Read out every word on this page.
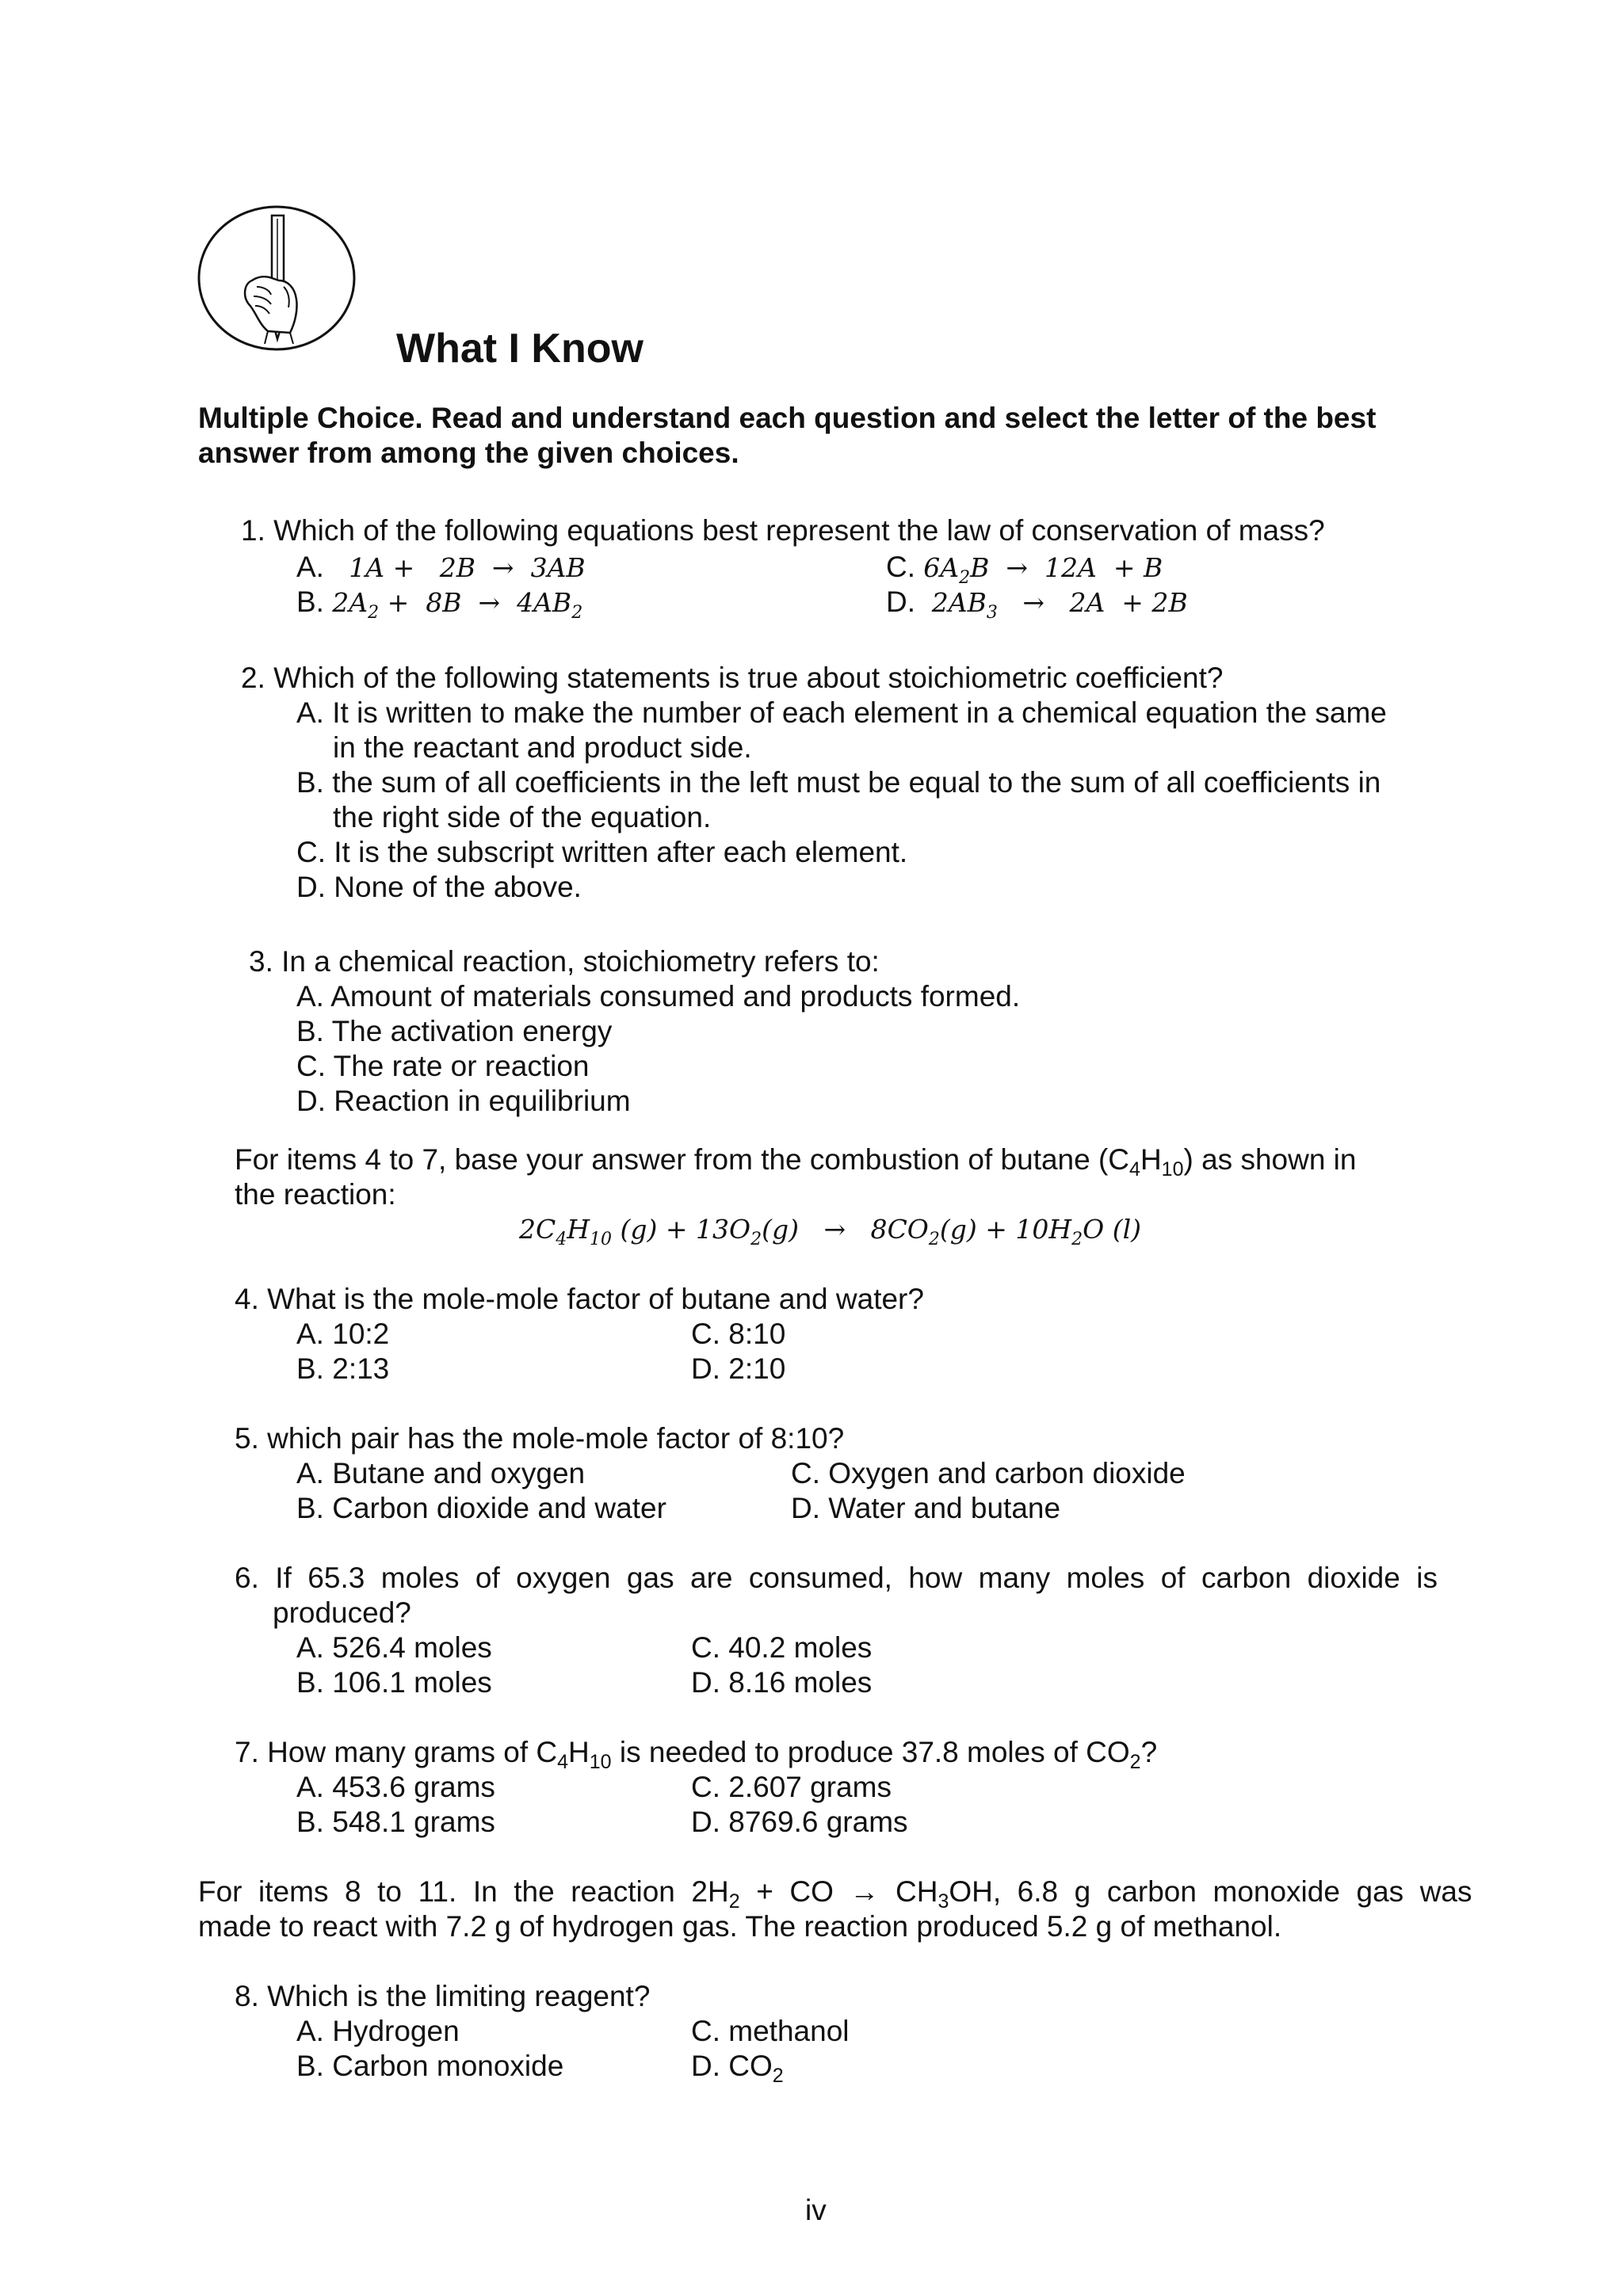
What I Know
Multiple Choice. Read and understand each question and select the letter of the best
answer from among the given choices.
1. Which of the following equations best represent the law of conservation of mass?
A.   1A +   2B  →  3AB
B. $2A_2 + 8B \to 4AB_2$
C. $6A_2B \to 12A + B$
D.  $2AB_3 \to 2A + 2B$
2. Which of the following statements is true about stoichiometric coefficient?
A. It is written to make the number of each element in a chemical equation the same
in the reactant and product side.
B. the sum of all coefficients in the left must be equal to the sum of all coefficients in
the right side of the equation.
C. It is the subscript written after each element.
D. None of the above.
3. In a chemical reaction, stoichiometry refers to:
A. Amount of materials consumed and products formed.
B. The activation energy
C. The rate or reaction
D. Reaction in equilibrium
For items 4 to 7, base your answer from the combustion of butane $(C_4H_{10})$ as shown in
the reaction:
$2C_4H_{10}$ $(g) + 13O_2(g) \to 8CO_2(g) + 10H_2O$ (l)
4. What is the mole-mole factor of butane and water?
A. 10:2
B. 2:13
C. 8:10
D. 2:10
5. which pair has the mole-mole factor of 8:10?
A. Butane and oxygen
B. Carbon dioxide and water
C. Oxygen and carbon dioxide
D. Water and butane
6. If 65.3 moles of oxygen gas are consumed, how many moles of carbon dioxide is
produced?
A. 526.4 moles
B. 106.1 moles
C. 40.2 moles
D. 8.16 moles
7. How many grams of $C_4H_{10}$ is needed to produce 37.8 moles of $CO_2$?
A. 453.6 grams
B. 548.1 grams
C. 2.607 grams
D. 8769.6 grams
For  items  8  to  11.  In  the  reaction  $2H_2$  +  CO  →  $CH_3OH$,  6.8  g  carbon  monoxide  gas  was
made to react with 7.2 g of hydrogen gas. The reaction produced 5.2 g of methanol.
8. Which is the limiting reagent?
A. Hydrogen
B. Carbon monoxide
C. methanol
D. $CO_2$
iv
